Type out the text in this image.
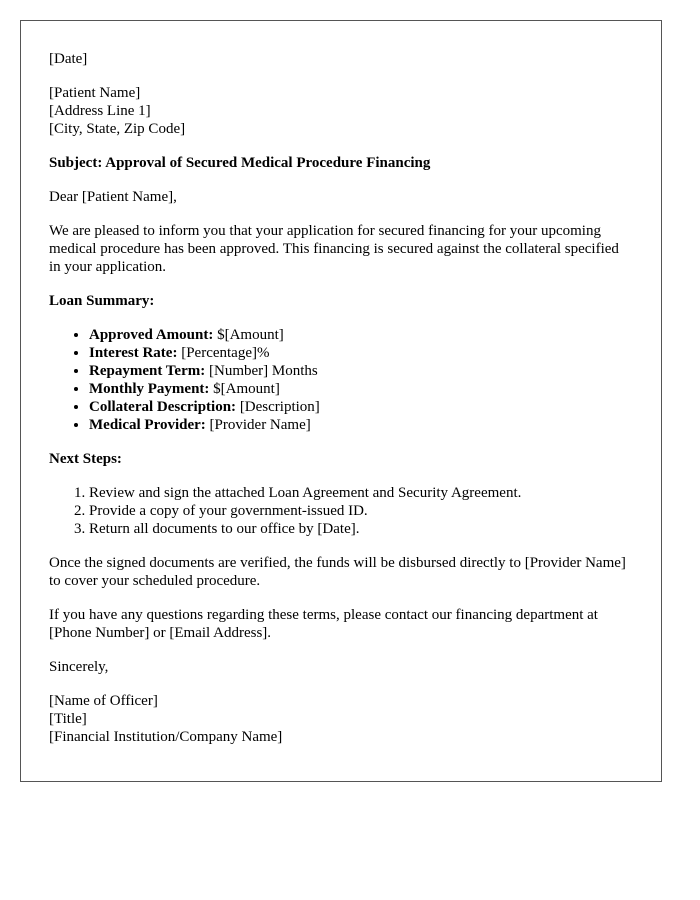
[Date]

[Patient Name]
[Address Line 1]
[City, State, Zip Code]

Subject: Approval of Secured Medical Procedure Financing

Dear [Patient Name],

We are pleased to inform you that your application for secured financing for your upcoming medical procedure has been approved. This financing is secured against the collateral specified in your application.

Loan Summary:

• Approved Amount: $[Amount]
• Interest Rate: [Percentage]%
• Repayment Term: [Number] Months
• Monthly Payment: $[Amount]
• Collateral Description: [Description]
• Medical Provider: [Provider Name]

Next Steps:

1. Review and sign the attached Loan Agreement and Security Agreement.
2. Provide a copy of your government-issued ID.
3. Return all documents to our office by [Date].

Once the signed documents are verified, the funds will be disbursed directly to [Provider Name] to cover your scheduled procedure.

If you have any questions regarding these terms, please contact our financing department at [Phone Number] or [Email Address].

Sincerely,

[Name of Officer]
[Title]
[Financial Institution/Company Name]
